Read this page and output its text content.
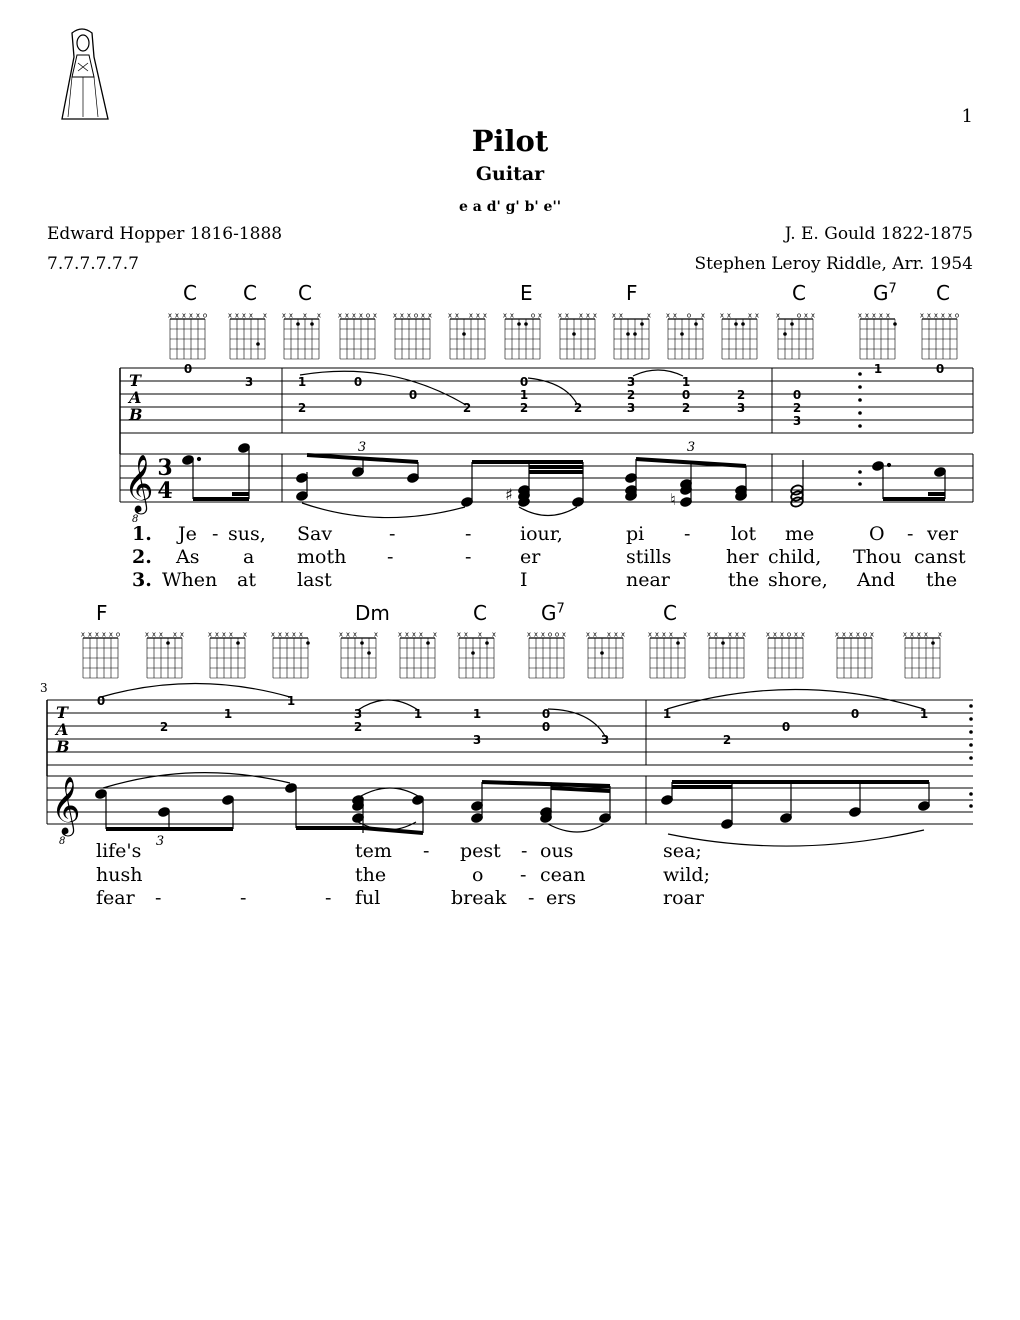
1
Pilot
Guitar
e a d' g' b' e''
Edward Hopper 1816-1888
7.7.7.7.7.7
J. E. Gould 1822-1875
Stephen Leroy Riddle, Arr. 1954
C C C	E	F	C	$G^7$ C
F	Dm	C	$G^7$	C
x x x x x o	x x x x x x x x x x x x x o x x x x o x x x x x x x x x o x x x x x x x x	x x x o x x x x x x o x x	x x x x x	x x x x x o
x x x x x o	x x x x x	x x x x x	x x x x x	x x x x	x x x x x	x x x x	x x x o o x	x x x x x	x x x x x	x x x x x	x x x o x x	x x x x o x	x x x x x
T
A
B
0
3	1
2
0
0
2
0
1
2	2
3
2
3
1
0
2
2
3
0
2
3
1	0
𝄞
8
3
4	♯	♮
3	3
3
T
A
B
0
2
1
1
3
2
1	1
3
0
0
3
1
2
0
0	1
𝄞
8	3
1. Je - sus, Sav	-	-	iour,	pi - lot me	O - ver
2. As a moth -	-	er	stills	her child, Thou canst
3. When at last	I	near	the shore, And the
life's	tem - pest - ous	sea;
hush	the	o - cean	wild;
fear -	-	- ful	break - ers	roar
